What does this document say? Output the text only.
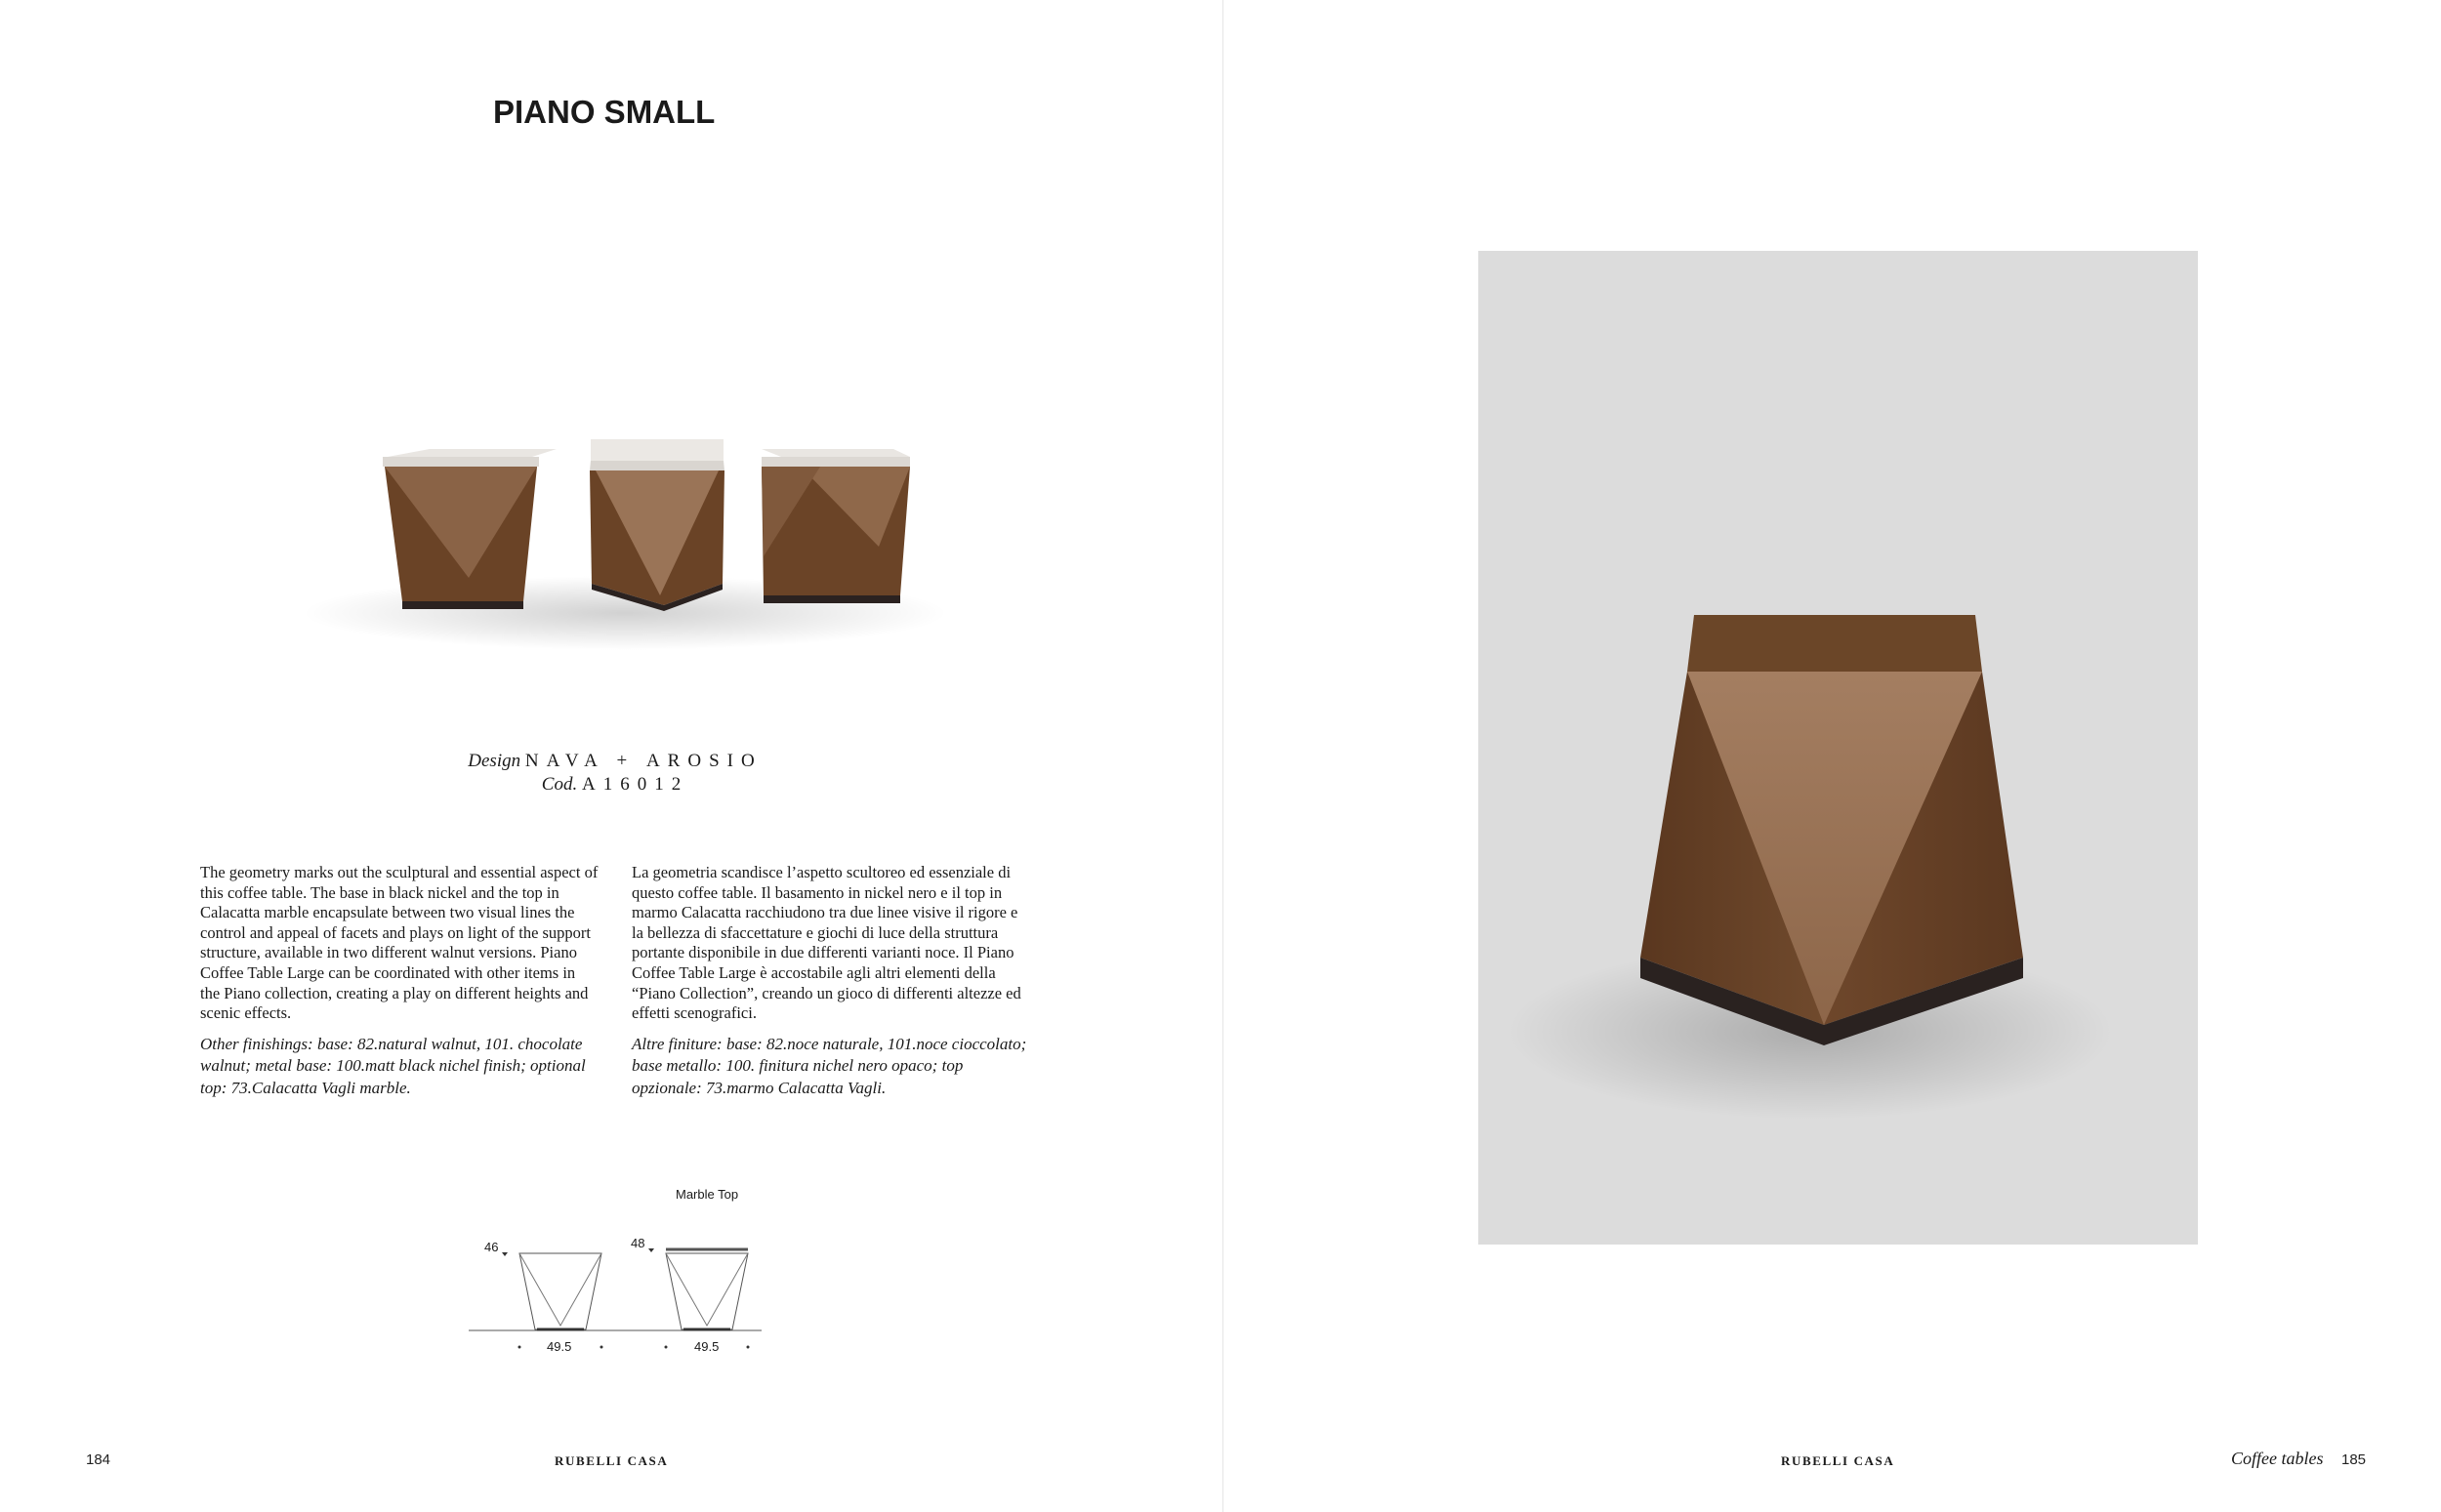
PIANO SMALL
Design NAVA + AROSIO
Cod. A16012

The geometry marks out the sculptural and essential aspect of this coffee table. The base in black nickel and the top in Calacatta marble encapsulate between two visual lines the control and appeal of facets and plays on light of the support structure, available in two different walnut versions. Piano Coffee Table Large can be coordinated with other items in the Piano collection, creating a play on different heights and scenic effects.

Other finishings: base: 82.natural walnut, 101. chocolate walnut; metal base: 100.matt black nichel finish; optional top: 73.Calacatta Vagli marble.

La geometria scandisce l’aspetto scultoreo ed essenziale di questo coffee table. Il basamento in nickel nero e il top in marmo Calacatta racchiudono tra due linee visive il rigore e la bellezza di sfaccettature e giochi di luce della struttura portante disponibile in due differenti varianti noce. Il Piano Coffee Table Large è accostabile agli altri elementi della “Piano Collection”, creando un gioco di differenti altezze ed effetti scenografici.

Altre finiture: base: 82.noce naturale, 101.noce cioccolato; base metallo: 100. finitura nichel nero opaco; top opzionale: 73.marmo Calacatta Vagli.

Marble Top
46	48
49.5	49.5
184	RUBELLI CASA	RUBELLI CASA	Coffee tables 185
